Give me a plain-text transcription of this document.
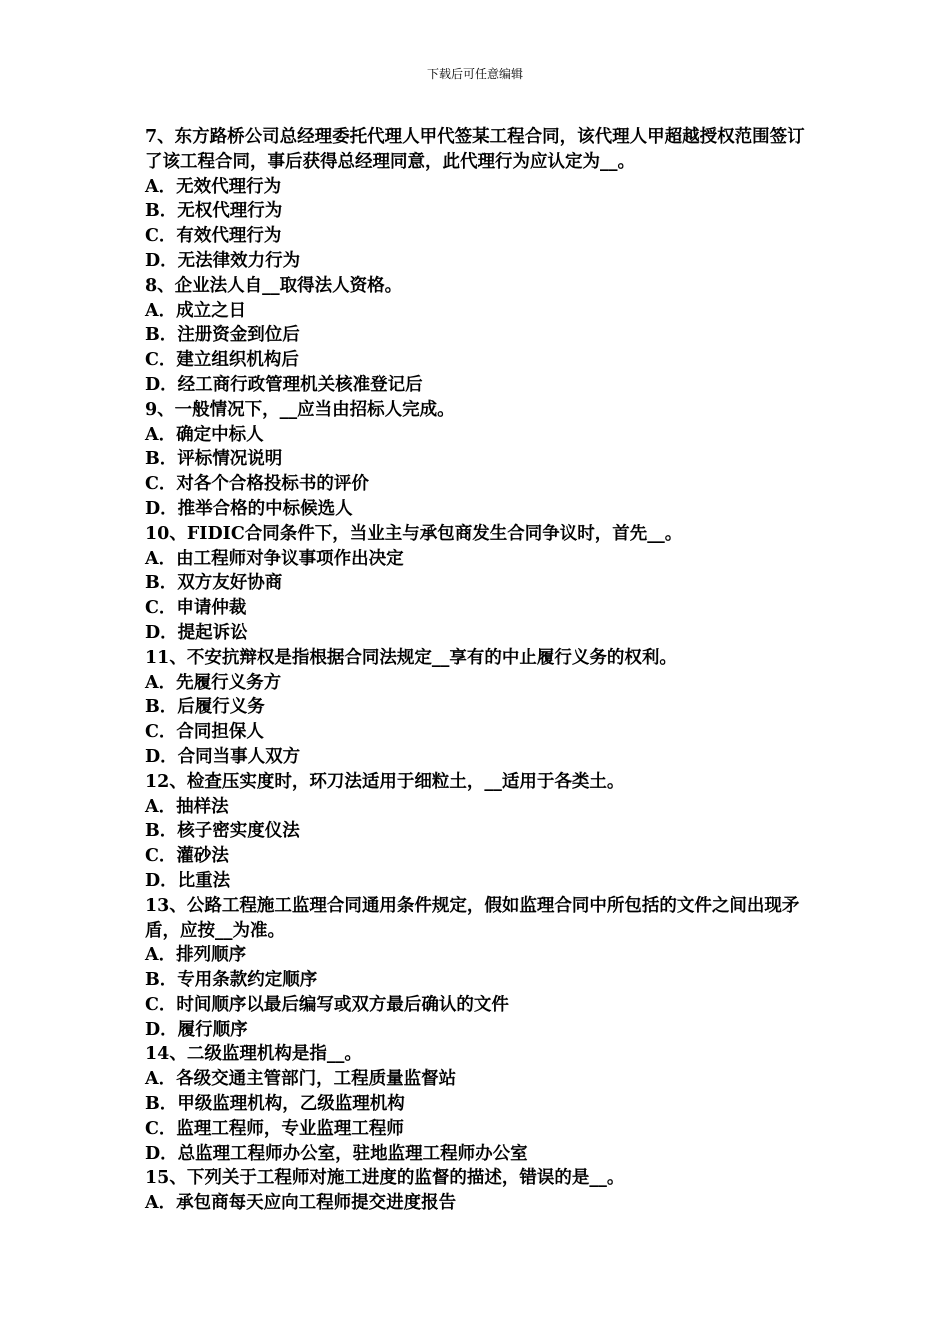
下载后可任意编辑

7、东方路桥公司总经理委托代理人甲代签某工程合同，该代理人甲超越授权范围签订了该工程合同，事后获得总经理同意，此代理行为应认定为__。

A．无效代理行为

B．无权代理行为

C．有效代理行为

D．无法律效力行为

8、企业法人自__取得法人资格。

A．成立之日

B．注册资金到位后

C．建立组织机构后

D．经工商行政管理机关核准登记后

9、一般情况下，__应当由招标人完成。

A．确定中标人

B．评标情况说明

C．对各个合格投标书的评价

D．推举合格的中标候选人

10、FIDIC合同条件下，当业主与承包商发生合同争议时，首先__。

A．由工程师对争议事项作出决定

B．双方友好协商

C．申请仲裁

D．提起诉讼

11、不安抗辩权是指根据合同法规定__享有的中止履行义务的权利。

A．先履行义务方

B．后履行义务

C．合同担保人

D．合同当事人双方

12、检查压实度时，环刀法适用于细粒土，__适用于各类土。

A．抽样法

B．核子密实度仪法

C．灌砂法

D．比重法

13、公路工程施工监理合同通用条件规定，假如监理合同中所包括的文件之间出现矛盾，应按__为准。

A．排列顺序

B．专用条款约定顺序

C．时间顺序以最后编写或双方最后确认的文件

D．履行顺序

14、二级监理机构是指__。

A．各级交通主管部门，工程质量监督站

B．甲级监理机构，乙级监理机构

C．监理工程师，专业监理工程师

D．总监理工程师办公室，驻地监理工程师办公室

15、下列关于工程师对施工进度的监督的描述，错误的是__。

A．承包商每天应向工程师提交进度报告
